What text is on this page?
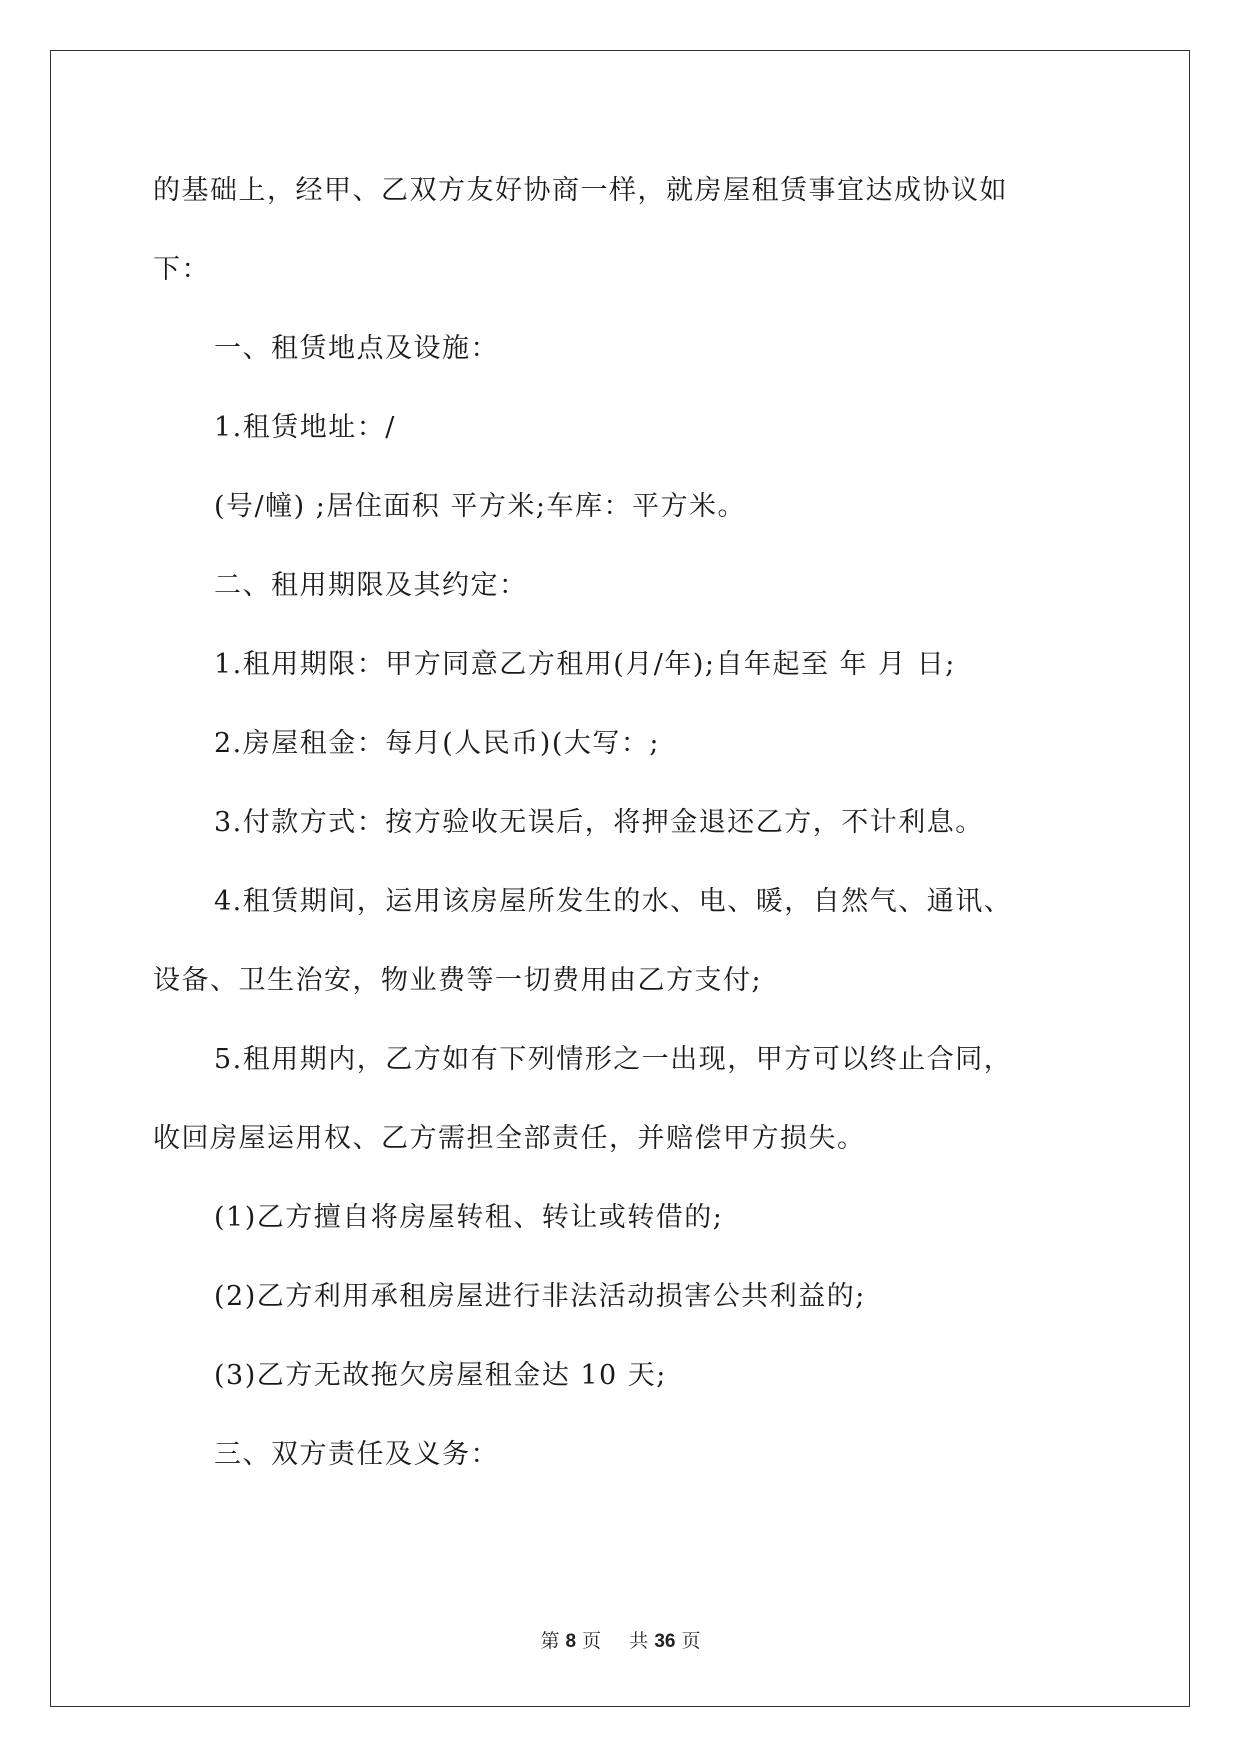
的基础上，经甲、乙双方友好协商一样，就房屋租赁事宜达成协议如
下：
一、租赁地点及设施：
1.租赁地址：/
(号/幢) ;居住面积 平方米;车库：平方米。
二、租用期限及其约定：
1.租用期限：甲方同意乙方租用(月/年);自年起至 年 月 日;
2.房屋租金：每月(人民币)(大写：;
3.付款方式：按方验收无误后，将押金退还乙方，不计利息。
4.租赁期间，运用该房屋所发生的水、电、暖，自然气、通讯、
设备、卫生治安，物业费等一切费用由乙方支付;
5.租用期内，乙方如有下列情形之一出现，甲方可以终止合同，
收回房屋运用权、乙方需担全部责任，并赔偿甲方损失。
(1)乙方擅自将房屋转租、转让或转借的;
(2)乙方利用承租房屋进行非法活动损害公共利益的;
(3)乙方无故拖欠房屋租金达 10 天;
三、双方责任及义务：
第 8 页 共 36 页
